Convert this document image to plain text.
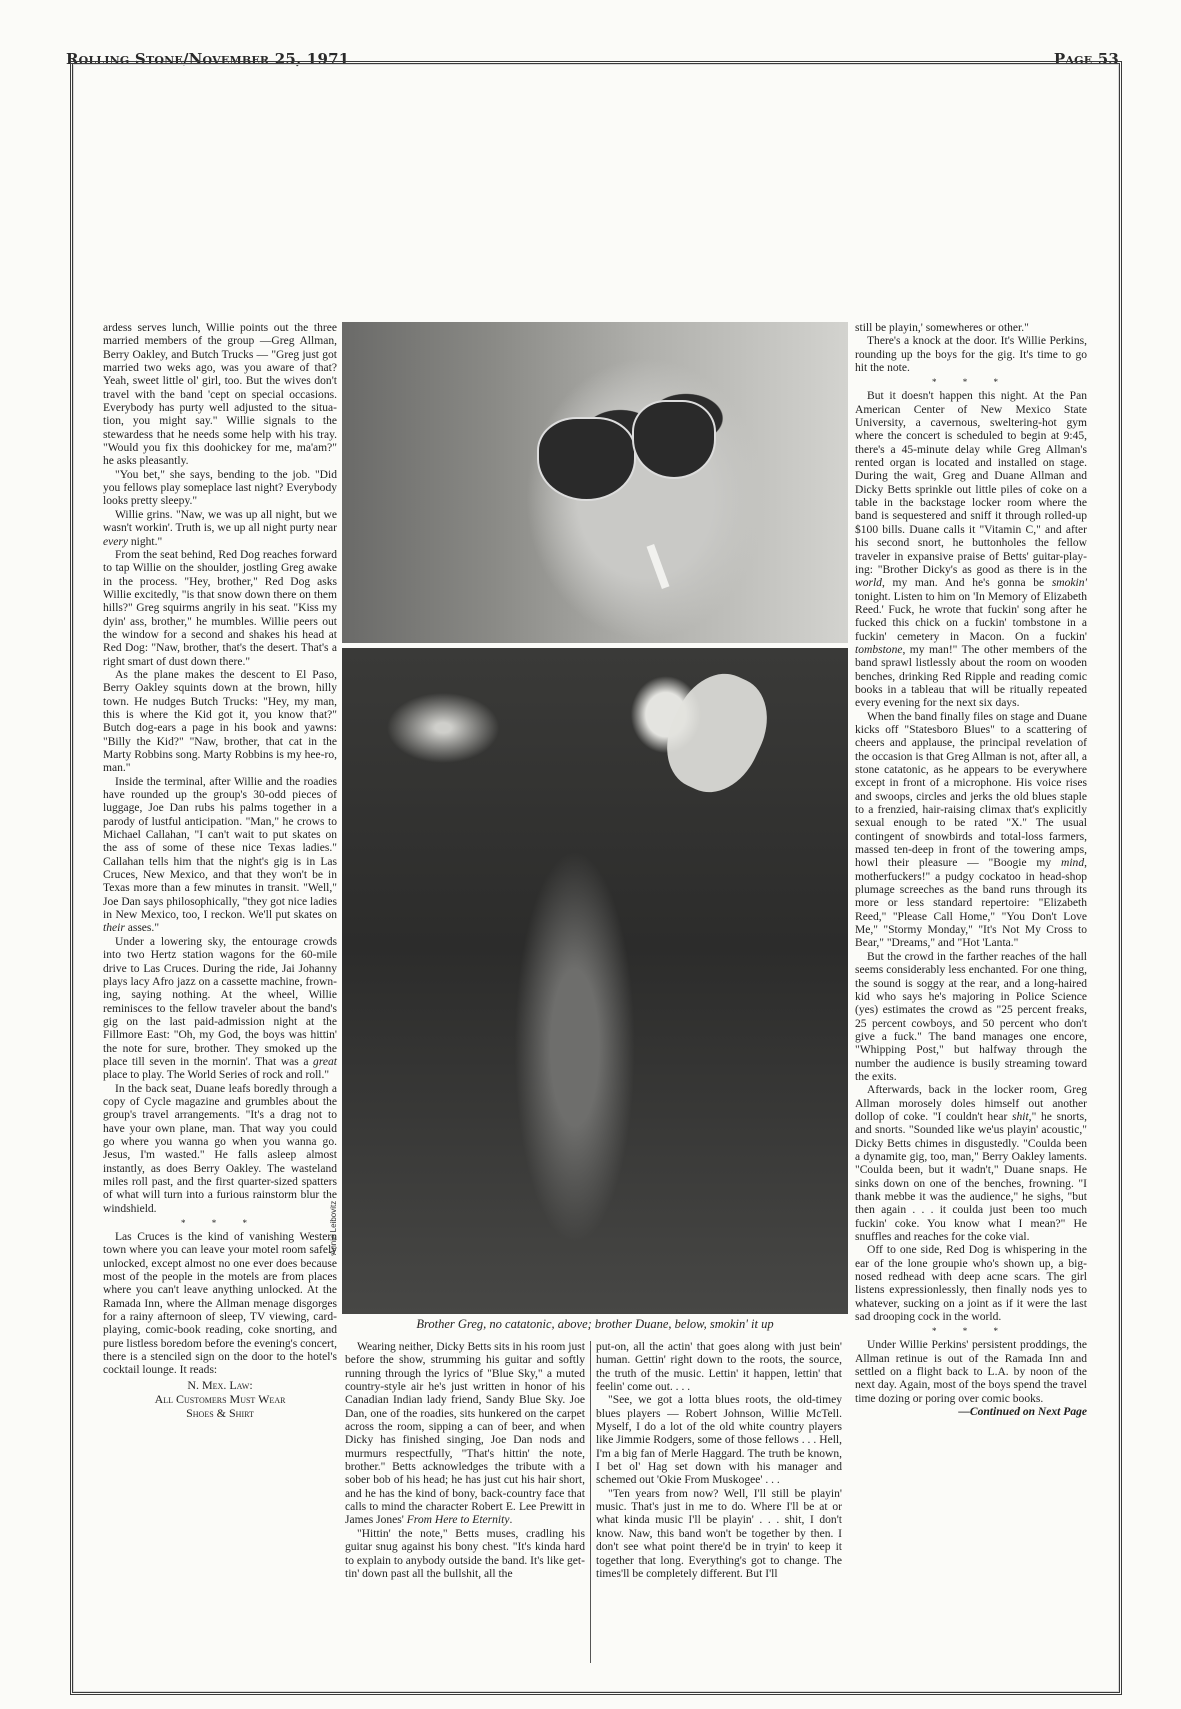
Rolling Stone/November 25, 1971	Page 53

ardess serves lunch, Willie points out the three married members of the group —Greg Allman, Berry Oakley, and Butch Trucks — "Greg just got married two weks ago, was you aware of that? Yeah, sweet little ol' girl, too. But the wives don't travel with the band 'cept on special occasions. Everybody has purty well adjusted to the situation, you might say." Willie signals to the stewardess that he needs some help with his tray. "Would you fix this doohickey for me, ma'am?" he asks pleasantly.

"You bet," she says, bending to the job. "Did you fellows play someplace last night? Everybody looks pretty sleepy."

Willie grins. "Naw, we was up all night, but we wasn't workin'. Truth is, we up all night purty near every night."

From the seat behind, Red Dog reaches forward to tap Willie on the shoulder, jostling Greg awake in the process. "Hey, brother," Red Dog asks Willie excitedly, "is that snow down there on them hills?" Greg squirms angrily in his seat. "Kiss my dyin' ass, brother," he mumbles. Willie peers out the window for a second and shakes his head at Red Dog: "Naw, brother, that's the desert. That's a right smart of dust down there."

As the plane makes the descent to El Paso, Berry Oakley squints down at the brown, hilly town. He nudges Butch Trucks: "Hey, my man, this is where the Kid got it, you know that?" Butch dog-ears a page in his book and yawns: "Billy the Kid?" "Naw, brother, that cat in the Marty Robbins song. Marty Robbins is my hee-ro, man."

Inside the terminal, after Willie and the roadies have rounded up the group's 30-odd pieces of luggage, Joe Dan rubs his palms together in a parody of lustful anticipation. "Man," he crows to Michael Callahan, "I can't wait to put skates on the ass of some of these nice Texas ladies." Callahan tells him that the night's gig is in Las Cruces, New Mexico, and that they won't be in Texas more than a few minutes in transit. "Well," Joe Dan says philosophically, "they got nice ladies in New Mexico, too, I reckon. We'll put skates on their asses."

Under a lowering sky, the entourage crowds into two Hertz station wagons for the 60-mile drive to Las Cruces. During the ride, Jai Johanny plays lacy Afro jazz on a cassette machine, frowning, saying nothing. At the wheel, Willie reminisces to the fellow traveler about the band's gig on the last paid-admission night at the Fillmore East: "Oh, my God, the boys was hittin' the note for sure, brother. They smoked up the place till seven in the mornin'. That was a great place to play. The World Series of rock and roll."

In the back seat, Duane leafs boredly through a copy of Cycle magazine and grumbles about the group's travel arrangements. "It's a drag not to have your own plane, man. That way you could go where you wanna go when you wanna go. Jesus, I'm wasted." He falls asleep almost instantly, as does Berry Oakley. The wasteland miles roll past, and the first quarter-sized spatters of what will turn into a furious rainstorm blur the windshield.

* * *

Las Cruces is the kind of vanishing Western town where you can leave your motel room safely unlocked, except almost no one ever does because most of the people in the motels are from places where you can't leave anything unlocked. At the Ramada Inn, where the Allman menage disgorges for a rainy afternoon of sleep, TV viewing, card-playing, comic-book reading, coke snorting, and pure listless boredom before the evening's concert, there is a stenciled sign on the door to the hotel's cocktail lounge. It reads:

N. Mex. Law:

All Customers Must Wear

Shoes & Shirt

Annie Leibovitz
Brother Greg, no catatonic, above; brother Duane, below, smokin' it up

Wearing neither, Dicky Betts sits in his room just before the show, strumming his guitar and softly running through the lyrics of "Blue Sky," a muted country-style air he's just written in honor of his Canadian Indian lady friend, Sandy Blue Sky. Joe Dan, one of the roadies, sits hunkered on the carpet across the room, sipping a can of beer, and when Dicky has finished singing, Joe Dan nods and murmurs respectfully, "That's hittin' the note, brother." Betts acknowledges the tribute with a sober bob of his head; he has just cut his hair short, and he has the kind of bony, back-country face that calls to mind the character Robert E. Lee Prewitt in James Jones' From Here to Eternity.

"Hittin' the note," Betts muses, cradling his guitar snug against his bony chest. "It's kinda hard to explain to anybody outside the band. It's like gettin' down past all the bullshit, all the

put-on, all the actin' that goes along with just bein' human. Gettin' right down to the roots, the source, the truth of the music. Lettin' it happen, lettin' that feelin' come out. . . .

"See, we got a lotta blues roots, the old-timey blues players — Robert Johnson, Willie McTell. Myself, I do a lot of the old white country players like Jimmie Rodgers, some of those fellows . . . Hell, I'm a big fan of Merle Haggard. The truth be known, I bet ol' Hag set down with his manager and schemed out 'Okie From Muskogee' . . .

"Ten years from now? Well, I'll still be playin' music. That's just in me to do. Where I'll be at or what kinda music I'll be playin' . . . shit, I don't know. Naw, this band won't be together by then. I don't see what point there'd be in tryin' to keep it together that long. Everything's got to change. The times'll be completely different. But I'll

still be playin,' somewheres or other."

There's a knock at the door. It's Willie Perkins, rounding up the boys for the gig. It's time to go hit the note.

* * *

But it doesn't happen this night. At the Pan American Center of New Mexico State University, a cavernous, sweltering-hot gym where the concert is scheduled to begin at 9:45, there's a 45-minute delay while Greg Allman's rented organ is located and installed on stage. During the wait, Greg and Duane Allman and Dicky Betts sprinkle out little piles of coke on a table in the backstage locker room where the band is sequestered and sniff it through rolled-up $100 bills. Duane calls it "Vitamin C," and after his second snort, he buttonholes the fellow traveler in expansive praise of Betts' guitar-playing: "Brother Dicky's as good as there is in the world, my man. And he's gonna be smokin' tonight. Listen to him on 'In Memory of Elizabeth Reed.' Fuck, he wrote that fuckin' song after he fucked this chick on a fuckin' tombstone in a fuckin' cemetery in Macon. On a fuckin' tombstone, my man!" The other members of the band sprawl listlessly about the room on wooden benches, drinking Red Ripple and reading comic books in a tableau that will be ritually repeated every evening for the next six days.

When the band finally files on stage and Duane kicks off "Statesboro Blues" to a scattering of cheers and applause, the principal revelation of the occasion is that Greg Allman is not, after all, a stone catatonic, as he appears to be everywhere except in front of a microphone. His voice rises and swoops, circles and jerks the old blues staple to a frenzied, hair-raising climax that's explicitly sexual enough to be rated "X." The usual contingent of snowbirds and total-loss farmers, massed ten-deep in front of the towering amps, howl their pleasure — "Boogie my mind, motherfuckers!" a pudgy cockatoo in head-shop plumage screeches as the band runs through its more or less standard repertoire: "Elizabeth Reed," "Please Call Home," "You Don't Love Me," "Stormy Monday," "It's Not My Cross to Bear," "Dreams," and "Hot 'Lanta."

But the crowd in the farther reaches of the hall seems considerably less enchanted. For one thing, the sound is soggy at the rear, and a long-haired kid who says he's majoring in Police Science (yes) estimates the crowd as "25 percent freaks, 25 percent cowboys, and 50 percent who don't give a fuck." The band manages one encore, "Whipping Post," but halfway through the number the audience is busily streaming toward the exits.

Afterwards, back in the locker room, Greg Allman morosely doles himself out another dollop of coke. "I couldn't hear shit," he snorts, and snorts. "Sounded like we'us playin' acoustic," Dicky Betts chimes in disgustedly. "Coulda been a dynamite gig, too, man," Berry Oakley laments. "Coulda been, but it wadn't," Duane snaps. He sinks down on one of the benches, frowning. "I thank mebbe it was the audience," he sighs, "but then again . . . it coulda just been too much fuckin' coke. You know what I mean?" He snuffles and reaches for the coke vial.

Off to one side, Red Dog is whispering in the ear of the lone groupie who's shown up, a big-nosed redhead with deep acne scars. The girl listens expressionlessly, then finally nods yes to whatever, sucking on a joint as if it were the last sad drooping cock in the world.

* * *

Under Willie Perkins' persistent proddings, the Allman retinue is out of the Ramada Inn and settled on a flight back to L.A. by noon of the next day. Again, most of the boys spend the travel time dozing or poring over comic books.

—Continued on Next Page
